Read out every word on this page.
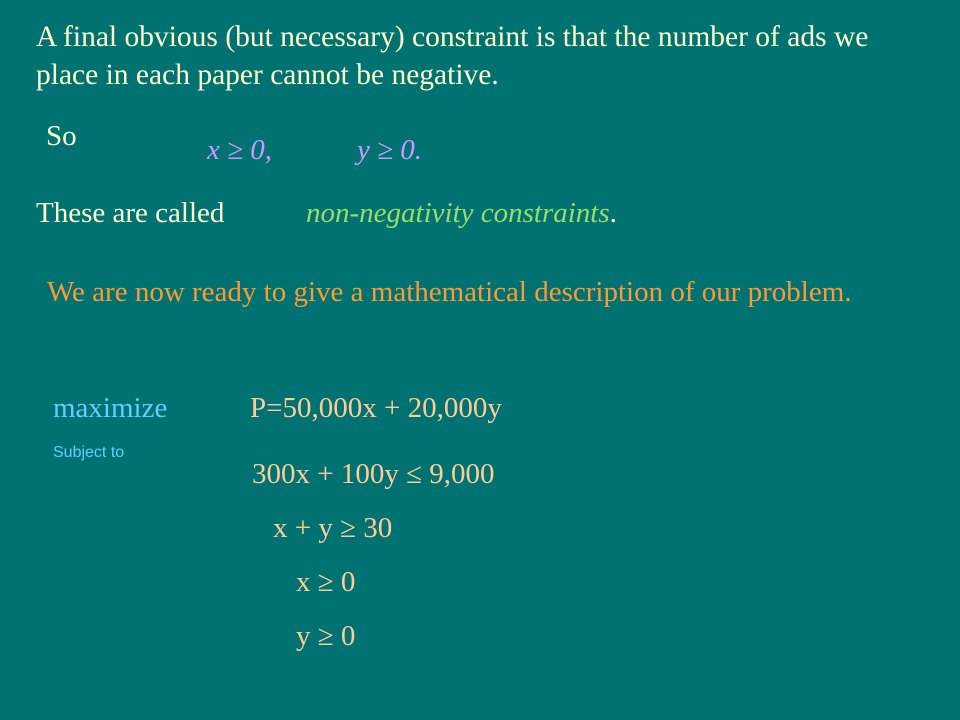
A final obvious (but necessary) constraint is that the number of ads we place in each paper cannot be negative.

So	x ≥ 0,	y ≥ 0.
These are called	non-negativity constraints.

We are now ready to give a mathematical description of our problem.

maximize
Subject to
P=50,000x + 20,000y
300x + 100y ≤ 9,000
x + y ≥ 30
x ≥ 0
y ≥ 0
